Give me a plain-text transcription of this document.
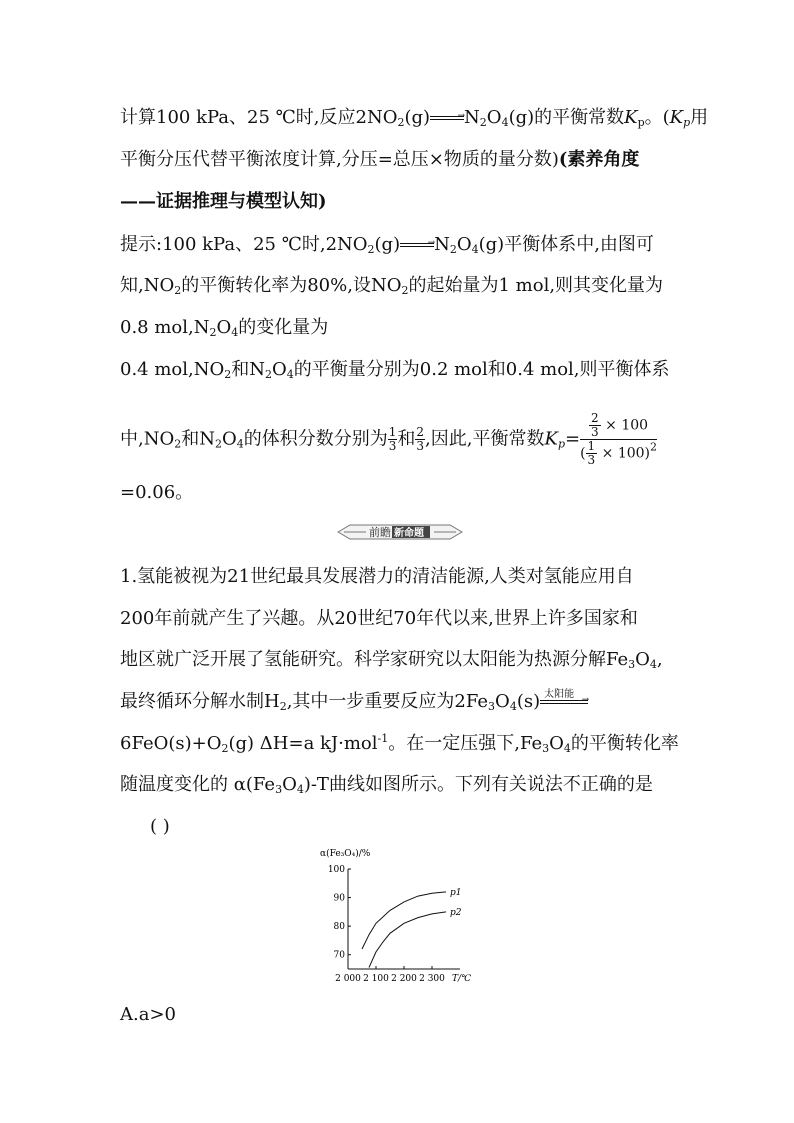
计算100 kPa、25 ℃时,反应$2NO_2(g)$	→ $N_2O_4(g)$的平衡常数$K_p$。($K_p$用
平衡分压代替平衡浓度计算,分压=总压×物质的量分数)(素养角度
——证据推理与模型认知)
提示:100 kPa、25 ℃时$,2NO_2(g)$	→ $N_2O_4(g)$平衡体系中,由图可
知$,NO_2$的平衡转化率为80%,设$NO_2$的起始量为1 mol,则其变化量为
0.8 $mol,N_2O_4$的变化量为
0.4 $mol,NO_2$和$N_2O_4$的平衡量分别为0.2 mol和0.4 mol,则平衡体系
中$,NO_2$和$N_2O_4$的体积分数分别为 $\frac{1}{3}$ 和 $\frac{2}{3}$ ,因此,平衡常数$K_p= \frac{\frac{2}{3} \times 100}{( \frac{1}{3} \times 100)^2}$
=0.06。
前瞻 新命题
1.氢能被视为21世纪最具发展潜力的清洁能源,人类对氢能应用自
200年前就产生了兴趣。从20世纪70年代以来,世界上许多国家和
地区就广泛开展了氢能研究。科学家研究以太阳能为热源分解$Fe_3O_4$,
最终循环分解水制$H_2$,其中一步重要反应为$2Fe_3O_4(s)$ 太阳能 →
$6FeO(s)+O_2(g)$ ΔH=a kJ·mol$^{-1}$。在一定压强下$,Fe_3O_4$的平衡转化率
随温度变化的 $\alpha(Fe_3O_4)-T$曲线如图所示。下列有关说法不正确的是
( )
α(Fe₃O₄)/%
T/℃
2 000 2 100 2 200 2 300
70
80
90
100
p1
p2
A.a>0
